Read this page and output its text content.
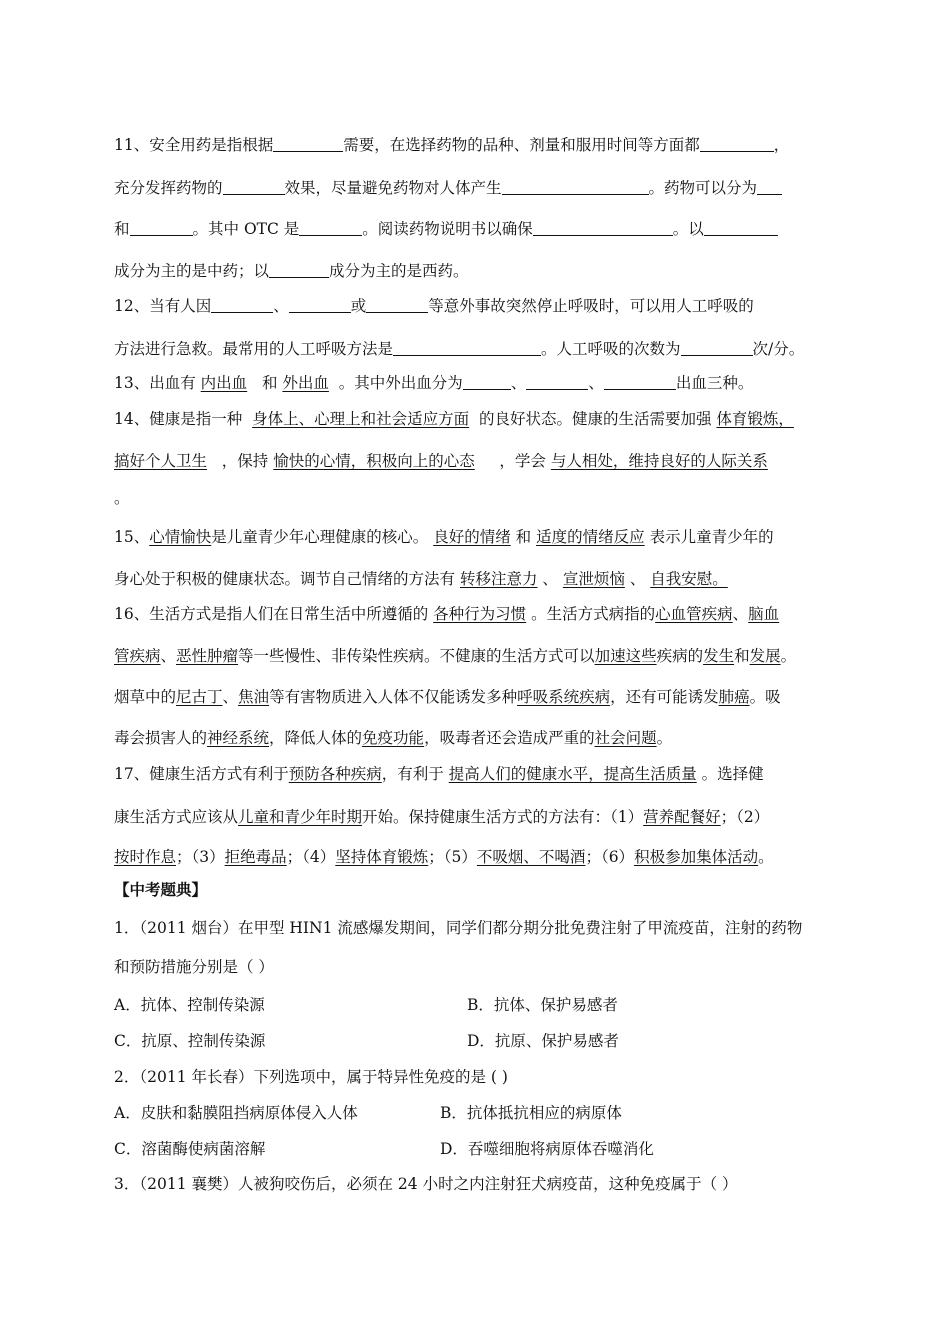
11、安全用药是指根据	需要，在选择药物的品种、剂量和服用时间等方面都	，
充分发挥药物的	效果，尽量避免药物对人体产生	。药物可以分为
和	。其中 OTC 是	。阅读药物说明书以确保	。以
成分为主的是中药；以	成分为主的是西药。
12、当有人因	、	或	等意外事故突然停止呼吸时，可以用人工呼吸的
方法进行急救。最常用的人工呼吸方法是	。人工呼吸的次数为	次/分。
13、出血有 内出血 和 外出血 。其中外出血分为	、	、	出血三种。
14、健康是指一种 身体上、心理上和社会适应方面 的良好状态。健康的生活需要加强 体育锻炼，
搞好个人卫生 ，保持 愉快的心情，积极向上的心态 ，学会 与人相处，维持良好的人际关系
。
15、心情愉快是儿童青少年心理健康的核心。 良好的情绪 和 适度的情绪反应 表示儿童青少年的
身心处于积极的健康状态。调节自己情绪的方法有 转移注意力 、 宣泄烦恼 、 自我安慰。
16、生活方式是指人们在日常生活中所遵循的 各种行为习惯 。生活方式病指的心血管疾病、脑血
管疾病、恶性肿瘤等一些慢性、非传染性疾病。不健康的生活方式可以加速这些疾病的发生和发展。
烟草中的尼古丁、焦油等有害物质进入人体不仅能诱发多种呼吸系统疾病，还有可能诱发肺癌。吸
毒会损害人的神经系统，降低人体的免疫功能，吸毒者还会造成严重的社会问题。
17、健康生活方式有利于预防各种疾病，有利于 提高人们的健康水平，提高生活质量 。选择健
康生活方式应该从儿童和青少年时期开始。保持健康生活方式的方法有：（1）营养配餐好；（2）
按时作息；（3）拒绝毒品；（4）坚持体育锻炼；（5）不吸烟、不喝酒；（6）积极参加集体活动。
【中考题典】
1．（2011 烟台）在甲型 HIN1 流感爆发期间，同学们都分期分批免费注射了甲流疫苗，注射的药物
和预防措施分别是（ ）
A．抗体、控制传染源	B．抗体、保护易感者
C．抗原、控制传染源	D．抗原、保护易感者
2．（2011 年长春）下列选项中，属于特异性免疫的是 ( )
A．皮肤和黏膜阻挡病原体侵入人体	B．抗体抵抗相应的病原体
C．溶菌酶使病菌溶解	D．吞噬细胞将病原体吞噬消化
3．（2011 襄樊）人被狗咬伤后，必须在 24 小时之内注射狂犬病疫苗，这种免疫属于（ ）
